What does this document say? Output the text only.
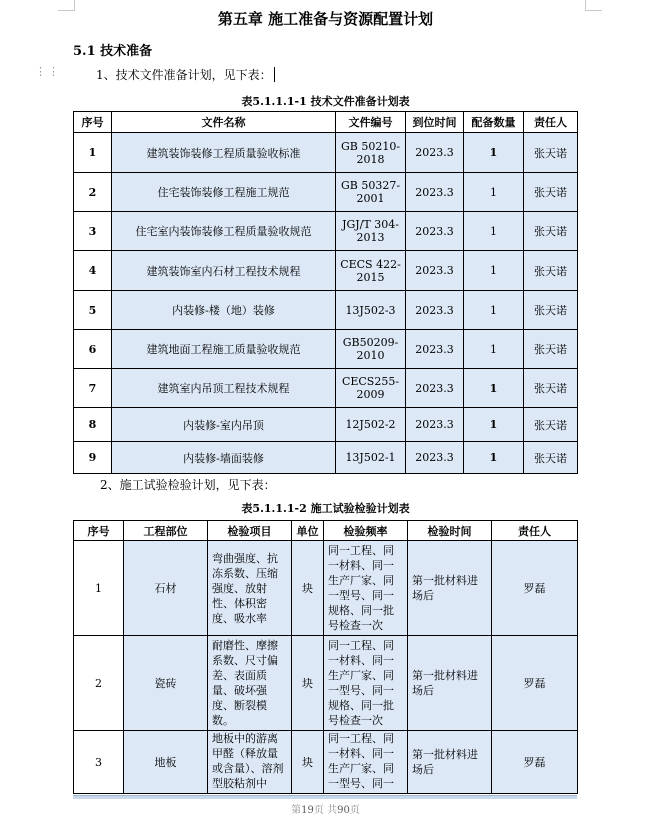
第五章 施工准备与资源配置计划
5.1 技术准备
⋮⋮	1、技术文件准备计划，见下表：
表5.1.1.1-1 技术文件准备计划表
序号	文件名称	文件编号	到位时间	配备数量	责任人
1	建筑装饰装修工程质量验收标准	GB 50210-2018	2023.3	1	张天诺
2	住宅装饰装修工程施工规范	GB 50327-2001	2023.3	1	张天诺
3	住宅室内装饰装修工程质量验收规范	JGJ/T 304-2013	2023.3	1	张天诺
4	建筑装饰室内石材工程技术规程	CECS 422-2015	2023.3	1	张天诺
5	内装修-楼（地）装修	13J502-3	2023.3	1	张天诺
6	建筑地面工程施工质量验收规范	GB50209-2010	2023.3	1	张天诺
7	建筑室内吊顶工程技术规程	CECS255-2009	2023.3	1	张天诺
8	内装修-室内吊顶	12J502-2	2023.3	1	张天诺
9	内装修-墙面装修	13J502-1	2023.3	1	张天诺
2、施工试验检验计划，见下表：
表5.1.1.1-2 施工试验检验计划表
序号	工程部位	检验项目	单位	检验频率	检验时间	责任人
1	石材	弯曲强度、抗冻系数、压缩强度、放射性、体积密度、吸水率	块	同一工程、同一材料、同一生产厂家、同一型号、同一规格、同一批号检查一次	第一批材料进场后	罗磊
2	瓷砖	耐磨性、摩擦系数、尺寸偏差、表面质量、破坏强度、断裂模数。	块	同一工程、同一材料、同一生产厂家、同一型号、同一规格、同一批号检查一次	第一批材料进场后	罗磊
3	地板	地板中的游离甲醛（释放量或含量）、溶剂型胶粘剂中	块	同一工程、同一材料、同一生产厂家、同一型号、同一	第一批材料进场后	罗磊
第19页 共90页
